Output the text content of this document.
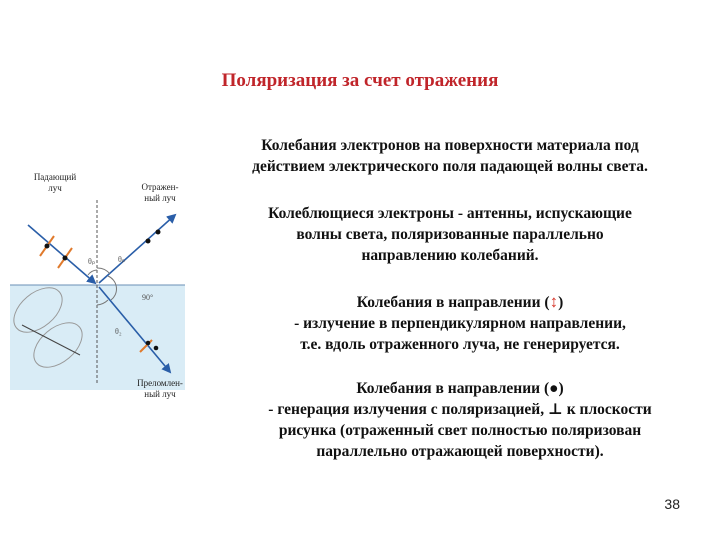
Поляризация за счет отражения
θₚ	θₚ
90°
θ₂
Падающий
луч	Отражен-
ный луч
Преломлен-
ный луч
Колебания электронов на поверхности материала под
действием электрического поля падающей волны света.
Колеблющиеся электроны - антенны, испускающие
волны света, поляризованные параллельно
направлению колебаний.
Колебания в направлении (↕)
- излучение в перпендикулярном направлении,
т.е. вдоль отраженного луча, не генерируется.
Колебания в направлении (●)
- генерация излучения с поляризацией, ⊥ к плоскости
рисунка (отраженный свет полностью поляризован
параллельно отражающей поверхности).
38
